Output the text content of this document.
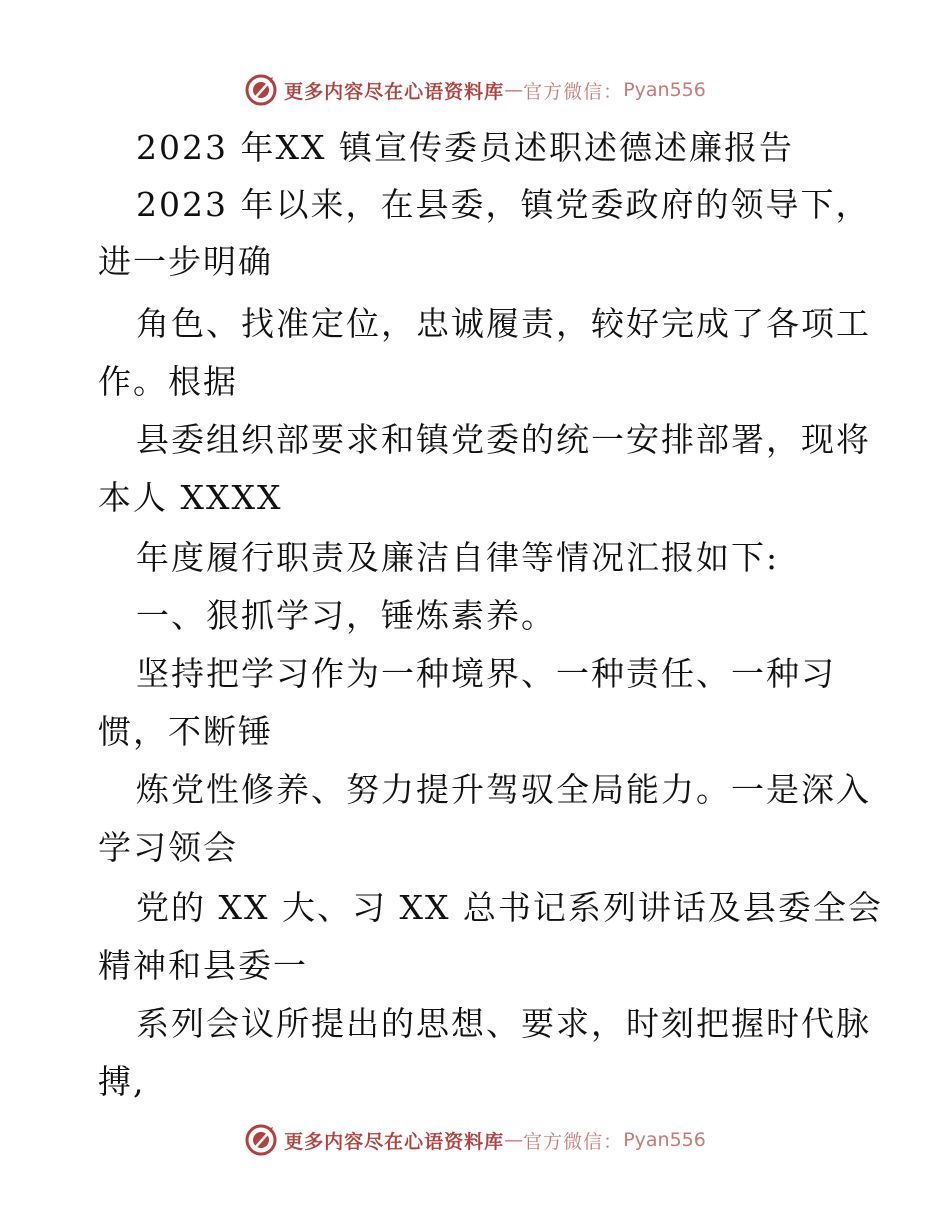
更多内容尽在心语资料库 — 官方微信： Pyan556
2023 年XX 镇宣传委员述职述德述廉报告
2023 年以来，在县委，镇党委政府的领导下，
进一步明确
角色、找准定位，忠诚履责，较好完成了各项工
作。根据
县委组织部要求和镇党委的统一安排部署，现将
本人 XXXX
年度履行职责及廉洁自律等情况汇报如下:
一、狠抓学习，锤炼素养。
坚持把学习作为一种境界、一种责任、一种习
惯，不断锤
炼党性修养、努力提升驾驭全局能力。一是深入
学习领会
党的 XX 大、习 XX 总书记系列讲话及县委全会
精神和县委一
系列会议所提出的思想、要求，时刻把握时代脉
搏,
更多内容尽在心语资料库 — 官方微信： Pyan556
